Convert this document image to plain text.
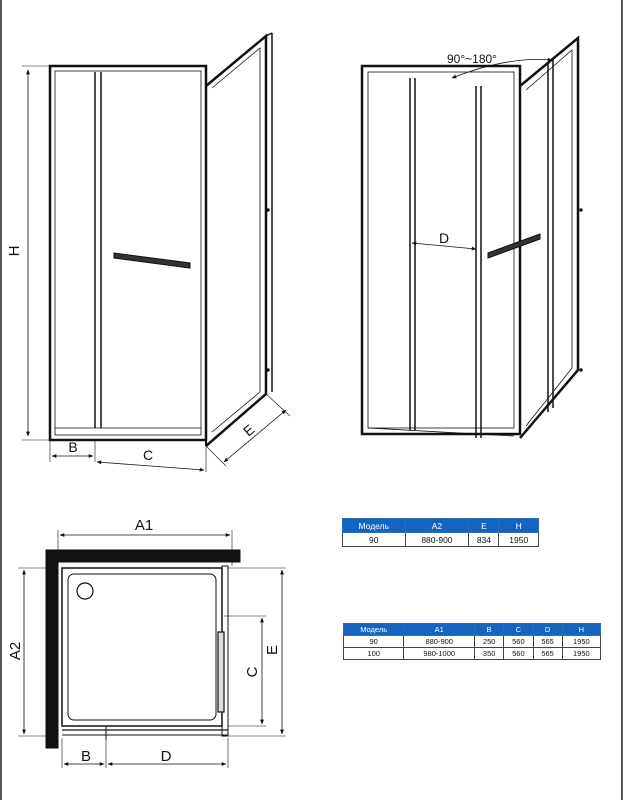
H
B	C
E
90°~180°
D
A1
A2
C
E
B	D
Модель	A2	E	H
90	880-900	834	1950
Модель	A1	B	C	D	H
90	880-900	250	560	565	1950
100	980-1000	350	560	565	1950
